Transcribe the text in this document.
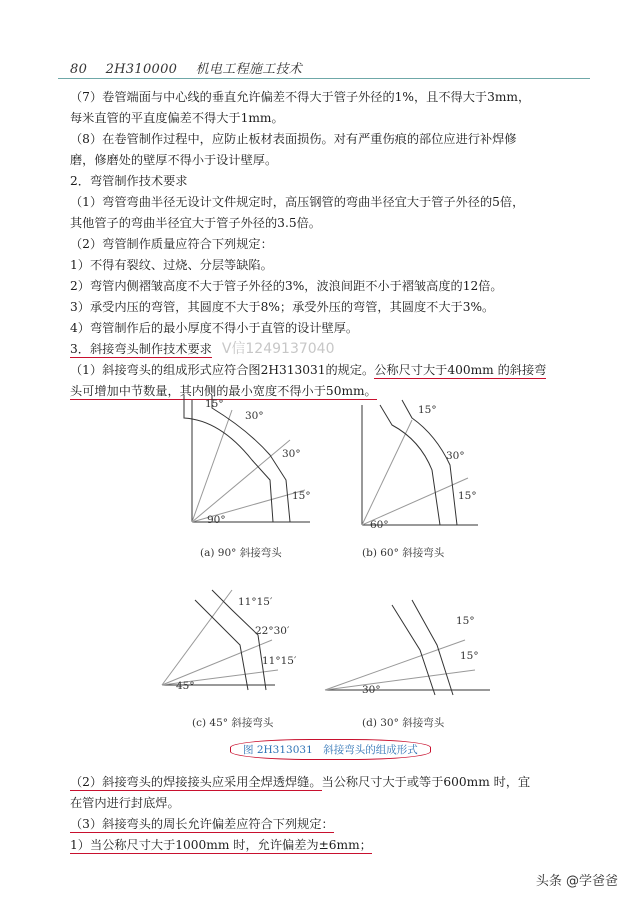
80 2H310000 机电工程施工技术

（7）卷管端面与中心线的垂直允许偏差不得大于管子外径的1%，且不得大于3mm，

每米直管的平直度偏差不得大于1mm。

（8）在卷管制作过程中，应防止板材表面损伤。对有严重伤痕的部位应进行补焊修

磨，修磨处的壁厚不得小于设计壁厚。

2．弯管制作技术要求

（1）弯管弯曲半径无设计文件规定时，高压钢管的弯曲半径宜大于管子外径的5倍，

其他管子的弯曲半径宜大于管子外径的3.5倍。

（2）弯管制作质量应符合下列规定：

1）不得有裂纹、过烧、分层等缺陷。

2）弯管内侧褶皱高度不大于管子外径的3%，波浪间距不小于褶皱高度的12倍。

3）承受内压的弯管，其圆度不大于8%；承受外压的弯管，其圆度不大于3%。

4）弯管制作后的最小厚度不得小于直管的设计壁厚。

3．斜接弯头制作技术要求 V信1249137040

（1）斜接弯头的组成形式应符合图2H313031的规定。公称尺寸大于400mm 的斜接弯

头可增加中节数量，其内侧的最小宽度不得小于50mm。

15°
30°
30°
15°
90°
(a) 90° 斜接弯头
15°
30°
15°
60°
(b) 60° 斜接弯头
11°15′
22°30′
11°15′
45°
(c) 45° 斜接弯头
15°
15°
30°
(d) 30° 斜接弯头
图 2H313031　斜接弯头的组成形式

（2）斜接弯头的焊接接头应采用全焊透焊缝。当公称尺寸大于或等于600mm 时，宜

在管内进行封底焊。

（3）斜接弯头的周长允许偏差应符合下列规定：

1）当公称尺寸大于1000mm 时，允许偏差为±6mm；

头条 @学爸爸
